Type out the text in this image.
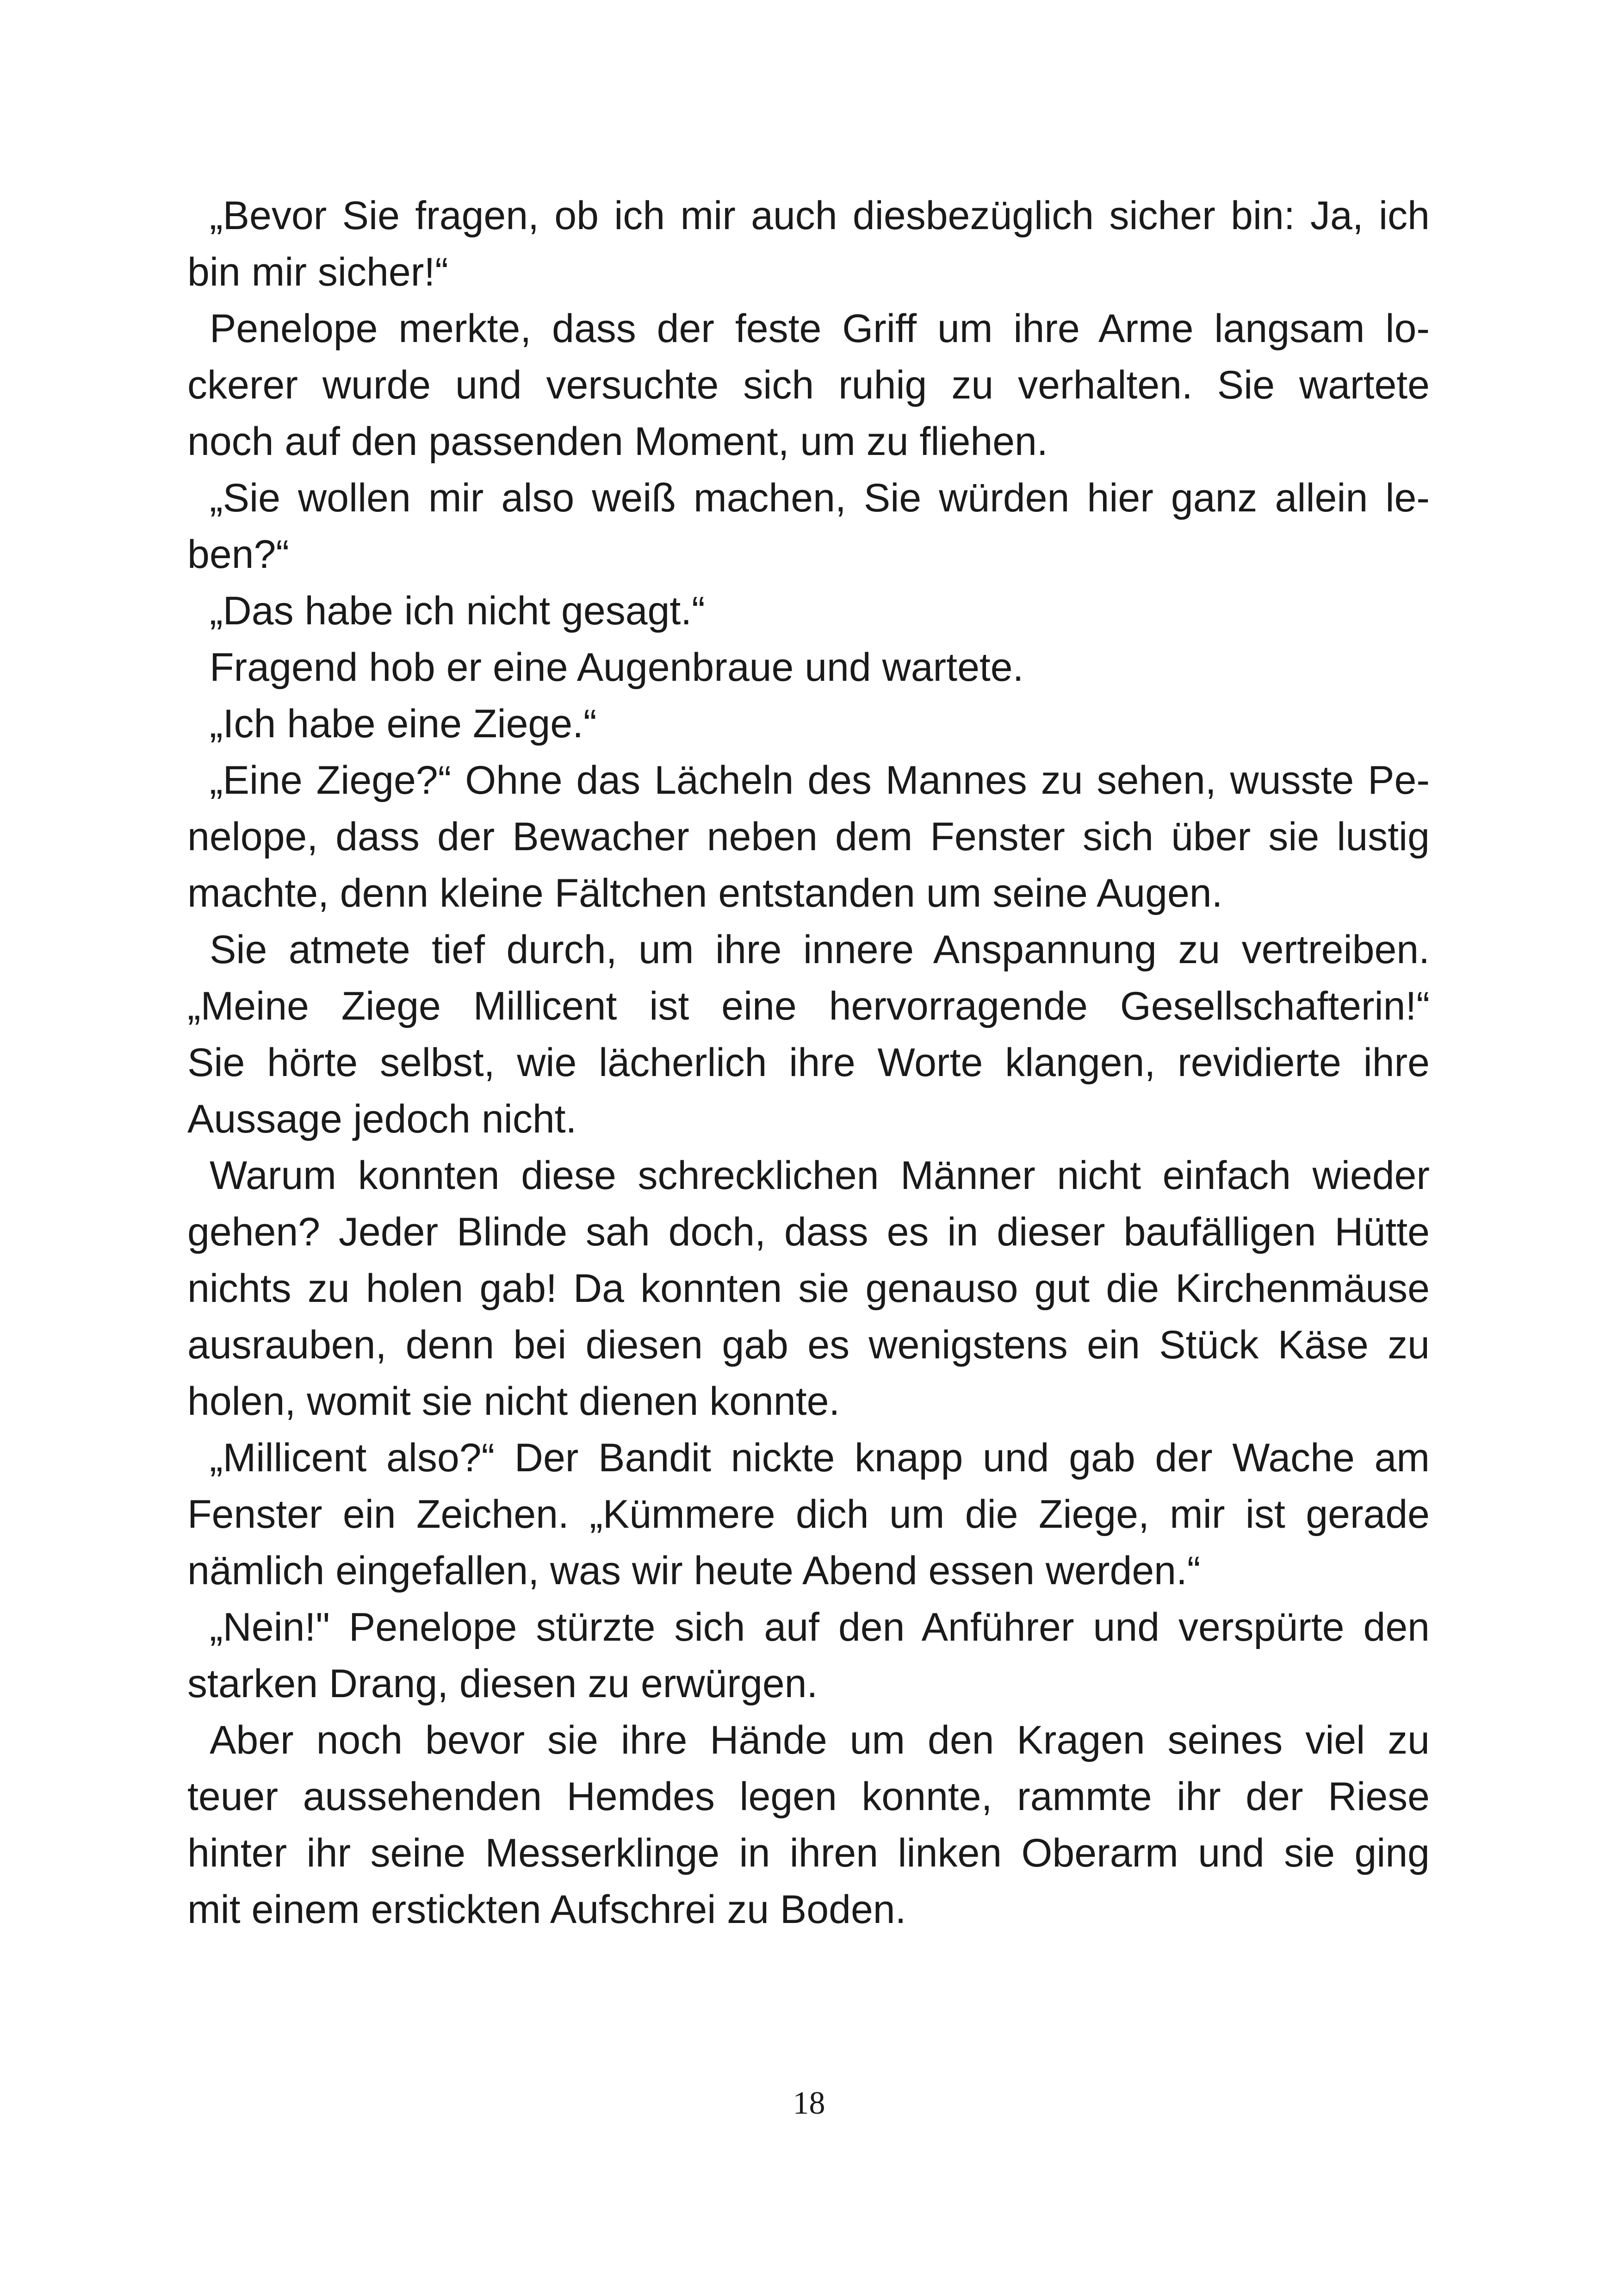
„Bevor Sie fragen, ob ich mir auch diesbezüglich sicher bin: Ja, ich
bin mir sicher!“
Penelope merkte, dass der feste Griff um ihre Arme langsam lo-
ckerer wurde und versuchte sich ruhig zu verhalten. Sie wartete
noch auf den passenden Moment, um zu fliehen.
„Sie wollen mir also weiß machen, Sie würden hier ganz allein le-
ben?“
„Das habe ich nicht gesagt.“
Fragend hob er eine Augenbraue und wartete.
„Ich habe eine Ziege.“
„Eine Ziege?“ Ohne das Lächeln des Mannes zu sehen, wusste Pe-
nelope, dass der Bewacher neben dem Fenster sich über sie lustig
machte, denn kleine Fältchen entstanden um seine Augen.
Sie atmete tief durch, um ihre innere Anspannung zu vertreiben.
„Meine Ziege Millicent ist eine hervorragende Gesellschafterin!“
Sie hörte selbst, wie lächerlich ihre Worte klangen, revidierte ihre
Aussage jedoch nicht.
Warum konnten diese schrecklichen Männer nicht einfach wieder
gehen? Jeder Blinde sah doch, dass es in dieser baufälligen Hütte
nichts zu holen gab! Da konnten sie genauso gut die Kirchenmäuse
ausrauben, denn bei diesen gab es wenigstens ein Stück Käse zu
holen, womit sie nicht dienen konnte.
„Millicent also?“ Der Bandit nickte knapp und gab der Wache am
Fenster ein Zeichen. „Kümmere dich um die Ziege, mir ist gerade
nämlich eingefallen, was wir heute Abend essen werden.“
„Nein!" Penelope stürzte sich auf den Anführer und verspürte den
starken Drang, diesen zu erwürgen.
Aber noch bevor sie ihre Hände um den Kragen seines viel zu
teuer aussehenden Hemdes legen konnte, rammte ihr der Riese
hinter ihr seine Messerklinge in ihren linken Oberarm und sie ging
mit einem erstickten Aufschrei zu Boden.
18
